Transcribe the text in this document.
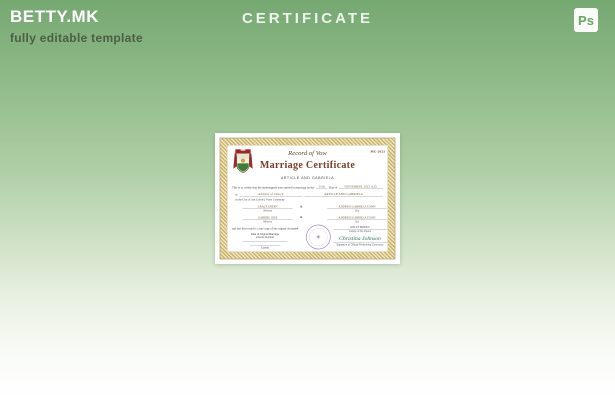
BETTY.MK
fully editable template
CERTIFICATE	Ps
Record of Vow	MC-2023
Marriage Certificate
ARTICLE AND GABRIELA
This is to certify that the undersigned were united in marriage on the 15th Day of NOVEMBER 2023 A.D.
at	Address of Church	ARTICLE AND GABRIELA
in the City of San Gabriel, Vows Ceremony
GRACE GREEN
Witness
&	ADDRESS GABRIELA TOWN
City
GABRIEL JOSE
Witness
&	ADDRESS GABRIELA TOWN
City
and that this record is a true copy of the original document
Date of Original Marriage
License Number
County
✶
KELLY BRYAN
Justice of the Peace
Christina Johnson
Signature of Official Performing Ceremony
